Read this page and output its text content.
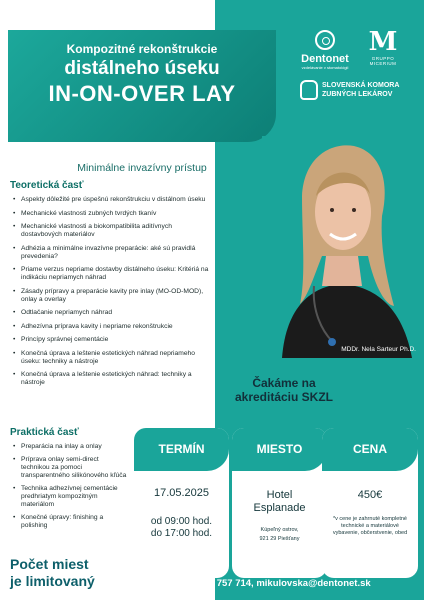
Kompozitné rekonštrukcie
distálneho úseku
IN-ON-OVER LAY
Minimálne invazívny prístup
Dentonet
vzdelávanie v stomatológii
M
GRUPPO MICERIUM
SLOVENSKÁ KOMORA
ZUBNÝCH LEKÁROV
MDDr. Nela Sarteur Ph.D.
Čakáme na akreditáciu SKZL
Teoretická časť
• Aspekty dôležité pre úspešnú rekonštrukciu v distálnom úseku
• Mechanické vlastnosti zubných tvrdých tkanív
• Mechanické vlastnosti a biokompatibilita aditívnych dostavbových materiálov
• Adhézia a minimálne invazívne preparácie: aké sú pravidlá prevedenia?
• Priame verzus nepriame dostavby distálneho úseku: Kritériá na indikáciu nepriamych náhrad
• Zásady prípravy a preparácie kavity pre inlay (MO-OD-MOD), onlay a overlay
• Odtlačanie nepriamych náhrad
• Adhezívna príprava kavity i nepriame rekonštrukcie
• Princípy správnej cementácie
• Konečná úprava a leštenie estetických náhrad nepriameho úseku: techniky a nástroje
• Konečná úprava a leštenie estetických náhrad: techniky a nástroje
Praktická časť
• Preparácia na inlay a onlay
• Príprava onlay semi-direct technikou za pomoci transparentného silikónového kľúča
• Technika adhezívnej cementácie predhriatym kompozitným materiálom
• Konečné úpravy: finishing a polishing
Počet miest
je limitovaný
TERMÍN
17.05.2025
od 09:00 hod.
do 17:00 hod.
MIESTO
Hotel
Esplanade
Kúpeľný ostrov,
921 29 Piešťany
CENA
450€
*v cene je zahrnuté kompletné technické a materiálové vybavenie, občerstvenie, obed
Objednávky: 0911 757 714, mikulovska@dentonet.sk
